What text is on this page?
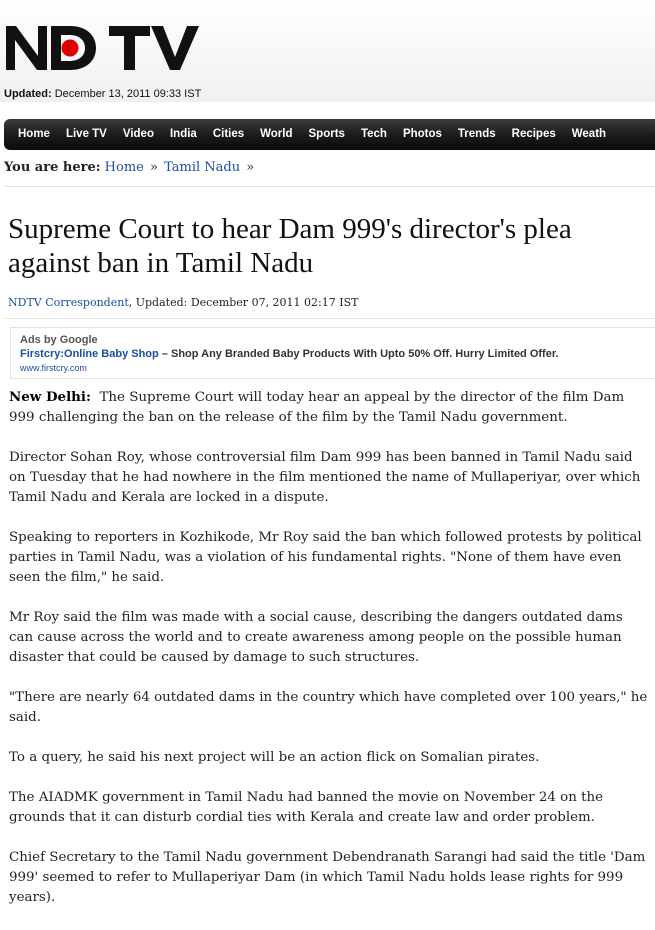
Updated: December 13, 2011 09:33 IST
Home	Live TV	Video	India	Cities	World	Sports	Tech	Photos	Trends	Recipes	Weath
You are here: Home » Tamil Nadu »
Supreme Court to hear Dam 999's director's plea against ban in Tamil Nadu
NDTV Correspondent, Updated: December 07, 2011 02:17 IST
Ads by Google
Firstcry:Online Baby Shop – Shop Any Branded Baby Products With Upto 50% Off. Hurry Limited Offer.
www.firstcry.com

New Delhi: The Supreme Court will today hear an appeal by the director of the film Dam 999 challenging the ban on the release of the film by the Tamil Nadu government.

Director Sohan Roy, whose controversial film Dam 999 has been banned in Tamil Nadu said on Tuesday that he had nowhere in the film mentioned the name of Mullaperiyar, over which Tamil Nadu and Kerala are locked in a dispute.

Speaking to reporters in Kozhikode, Mr Roy said the ban which followed protests by political parties in Tamil Nadu, was a violation of his fundamental rights. "None of them have even seen the film," he said.

Mr Roy said the film was made with a social cause, describing the dangers outdated dams can cause across the world and to create awareness among people on the possible human disaster that could be caused by damage to such structures.

"There are nearly 64 outdated dams in the country which have completed over 100 years," he said.

To a query, he said his next project will be an action flick on Somalian pirates.

The AIADMK government in Tamil Nadu had banned the movie on November 24 on the grounds that it can disturb cordial ties with Kerala and create law and order problem.

Chief Secretary to the Tamil Nadu government Debendranath Sarangi had said the title 'Dam 999' seemed to refer to Mullaperiyar Dam (in which Tamil Nadu holds lease rights for 999 years).
